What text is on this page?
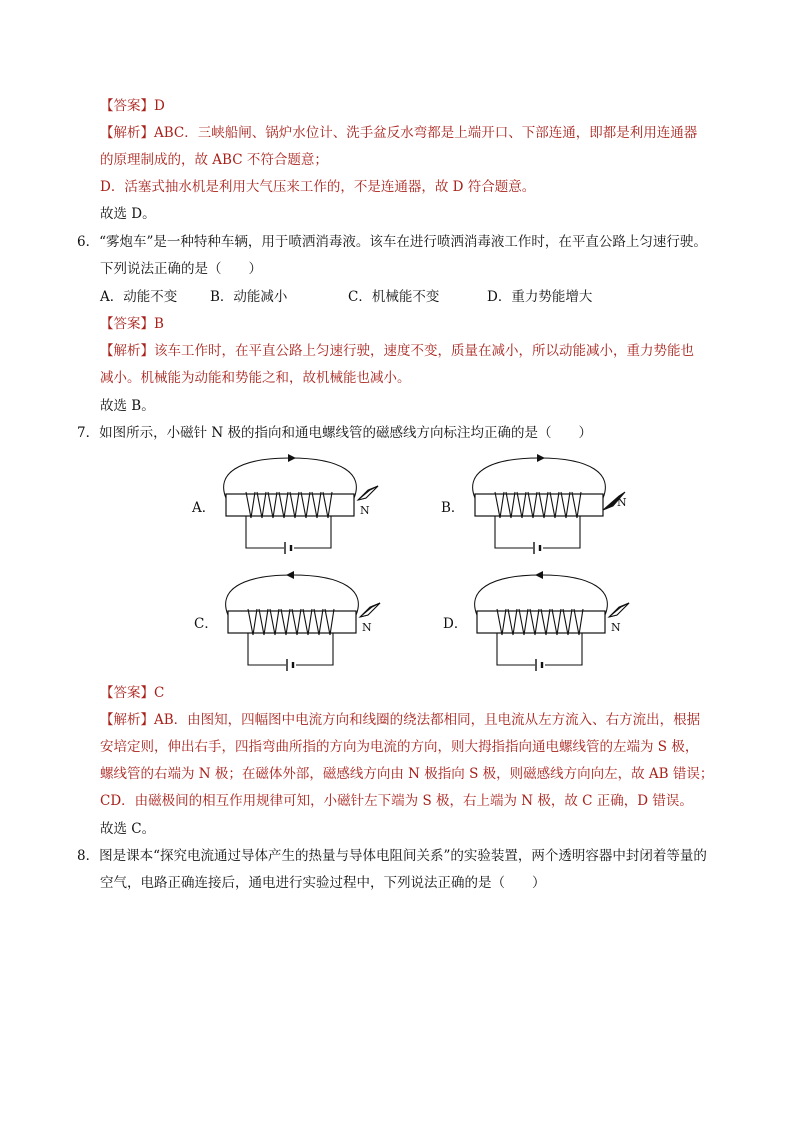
【答案】D
【解析】ABC．三峡船闸、锅炉水位计、洗手盆反水弯都是上端开口、下部连通，即都是利用连通器
的原理制成的，故 ABC 不符合题意；
D．活塞式抽水机是利用大气压来工作的，不是连通器，故 D 符合题意。
故选 D。
6．“雾炮车”是一种特种车辆，用于喷洒消毒液。该车在进行喷洒消毒液工作时，在平直公路上匀速行驶。
下列说法正确的是（　　）
A．动能不变 B．动能减小	C．机械能不变	D．重力势能增大
【答案】B
【解析】该车工作时，在平直公路上匀速行驶，速度不变，质量在减小，所以动能减小，重力势能也
减小。机械能为动能和势能之和，故机械能也减小。
故选 B。
7．如图所示，小磁针 N 极的指向和通电螺线管的磁感线方向标注均正确的是（　　）
A．	B．
C．	D．
N
N
N	N
【答案】C
【解析】AB．由图知，四幅图中电流方向和线圈的绕法都相同，且电流从左方流入、右方流出，根据
安培定则，伸出右手，四指弯曲所指的方向为电流的方向，则大拇指指向通电螺线管的左端为 S 极，
螺线管的右端为 N 极；在磁体外部，磁感线方向由 N 极指向 S 极，则磁感线方向向左，故 AB 错误；
CD．由磁极间的相互作用规律可知，小磁针左下端为 S 极，右上端为 N 极，故 C 正确，D 错误。
故选 C。
8．图是课本“探究电流通过导体产生的热量与导体电阻间关系”的实验装置，两个透明容器中封闭着等量的
空气，电路正确连接后，通电进行实验过程中，下列说法正确的是（　　）
